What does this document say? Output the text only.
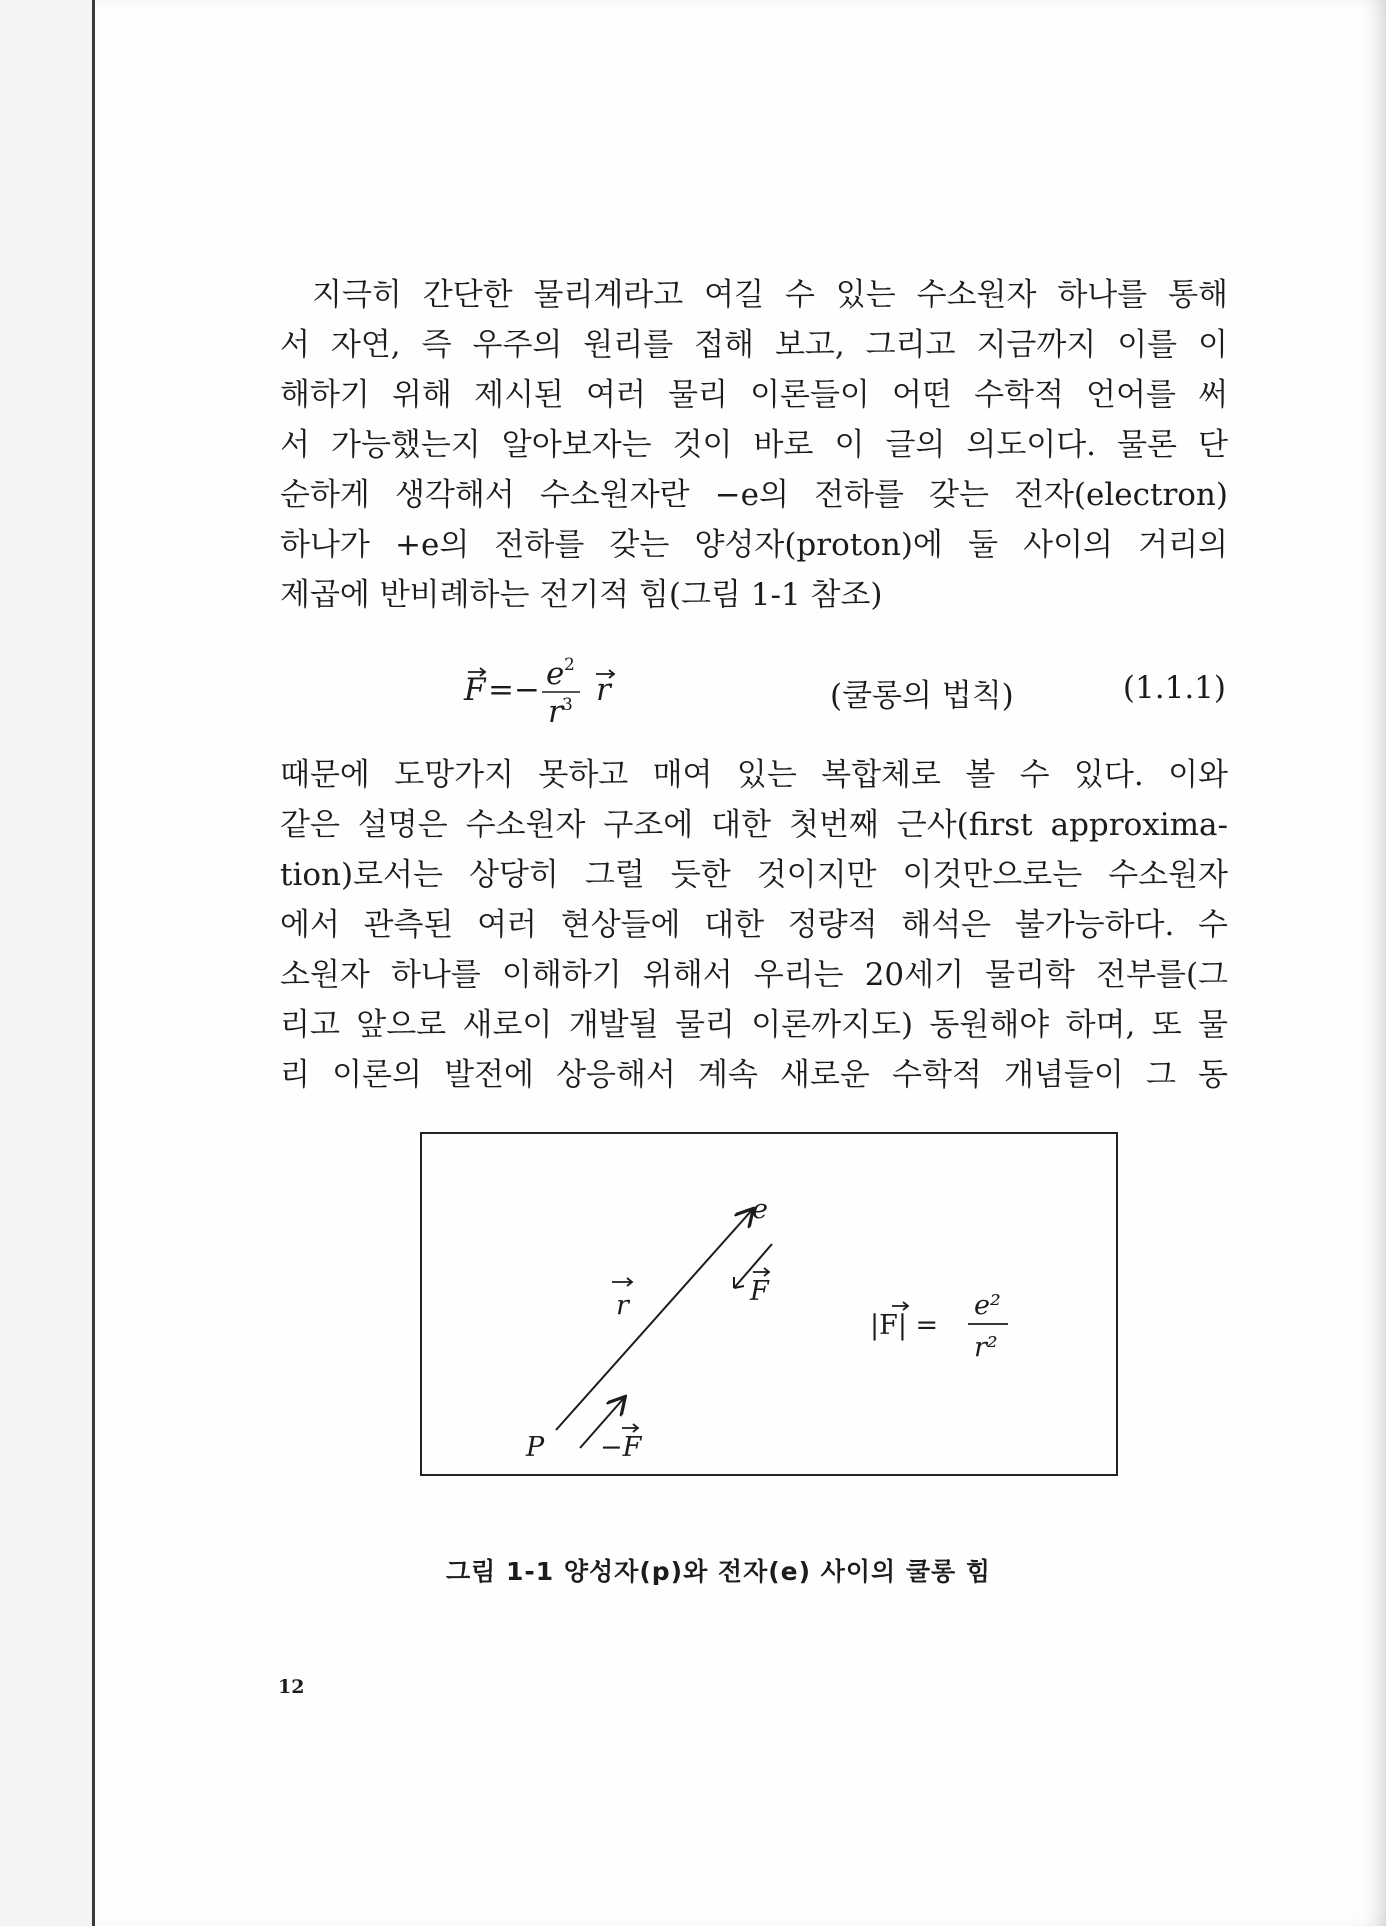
지극히 간단한 물리계라고 여길 수 있는 수소원자 하나를 통해
서 자연, 즉 우주의 원리를 접해 보고, 그리고 지금까지 이를 이
해하기 위해 제시된 여러 물리 이론들이 어떤 수학적 언어를 써
서 가능했는지 알아보자는 것이 바로 이 글의 의도이다. 물론 단
순하게 생각해서 수소원자란 −e의 전하를 갖는 전자(electron)
하나가 +e의 전하를 갖는 양성자(proton)에 둘 사이의 거리의
제곱에 반비례하는 전기적 힘(그림 1-1 참조)
F =− e 2
r 3 r	(쿨롱의 법칙)	(1.1.1)
때문에 도망가지 못하고 매여 있는 복합체로 볼 수 있다. 이와
같은 설명은 수소원자 구조에 대한 첫번째 근사(first approxima-
tion)로서는 상당히 그럴 듯한 것이지만 이것만으로는 수소원자
에서 관측된 여러 현상들에 대한 정량적 해석은 불가능하다. 수
소원자 하나를 이해하기 위해서 우리는 20세기 물리학 전부를(그
리고 앞으로 새로이 개발될 물리 이론까지도) 동원해야 하며, 또 물
리 이론의 발전에 상응해서 계속 새로운 수학적 개념들이 그 동
e
P
r	F
−F
|F| =
e²
r²
그림 1-1 양성자(p)와 전자(e) 사이의 쿨롱 힘
12
